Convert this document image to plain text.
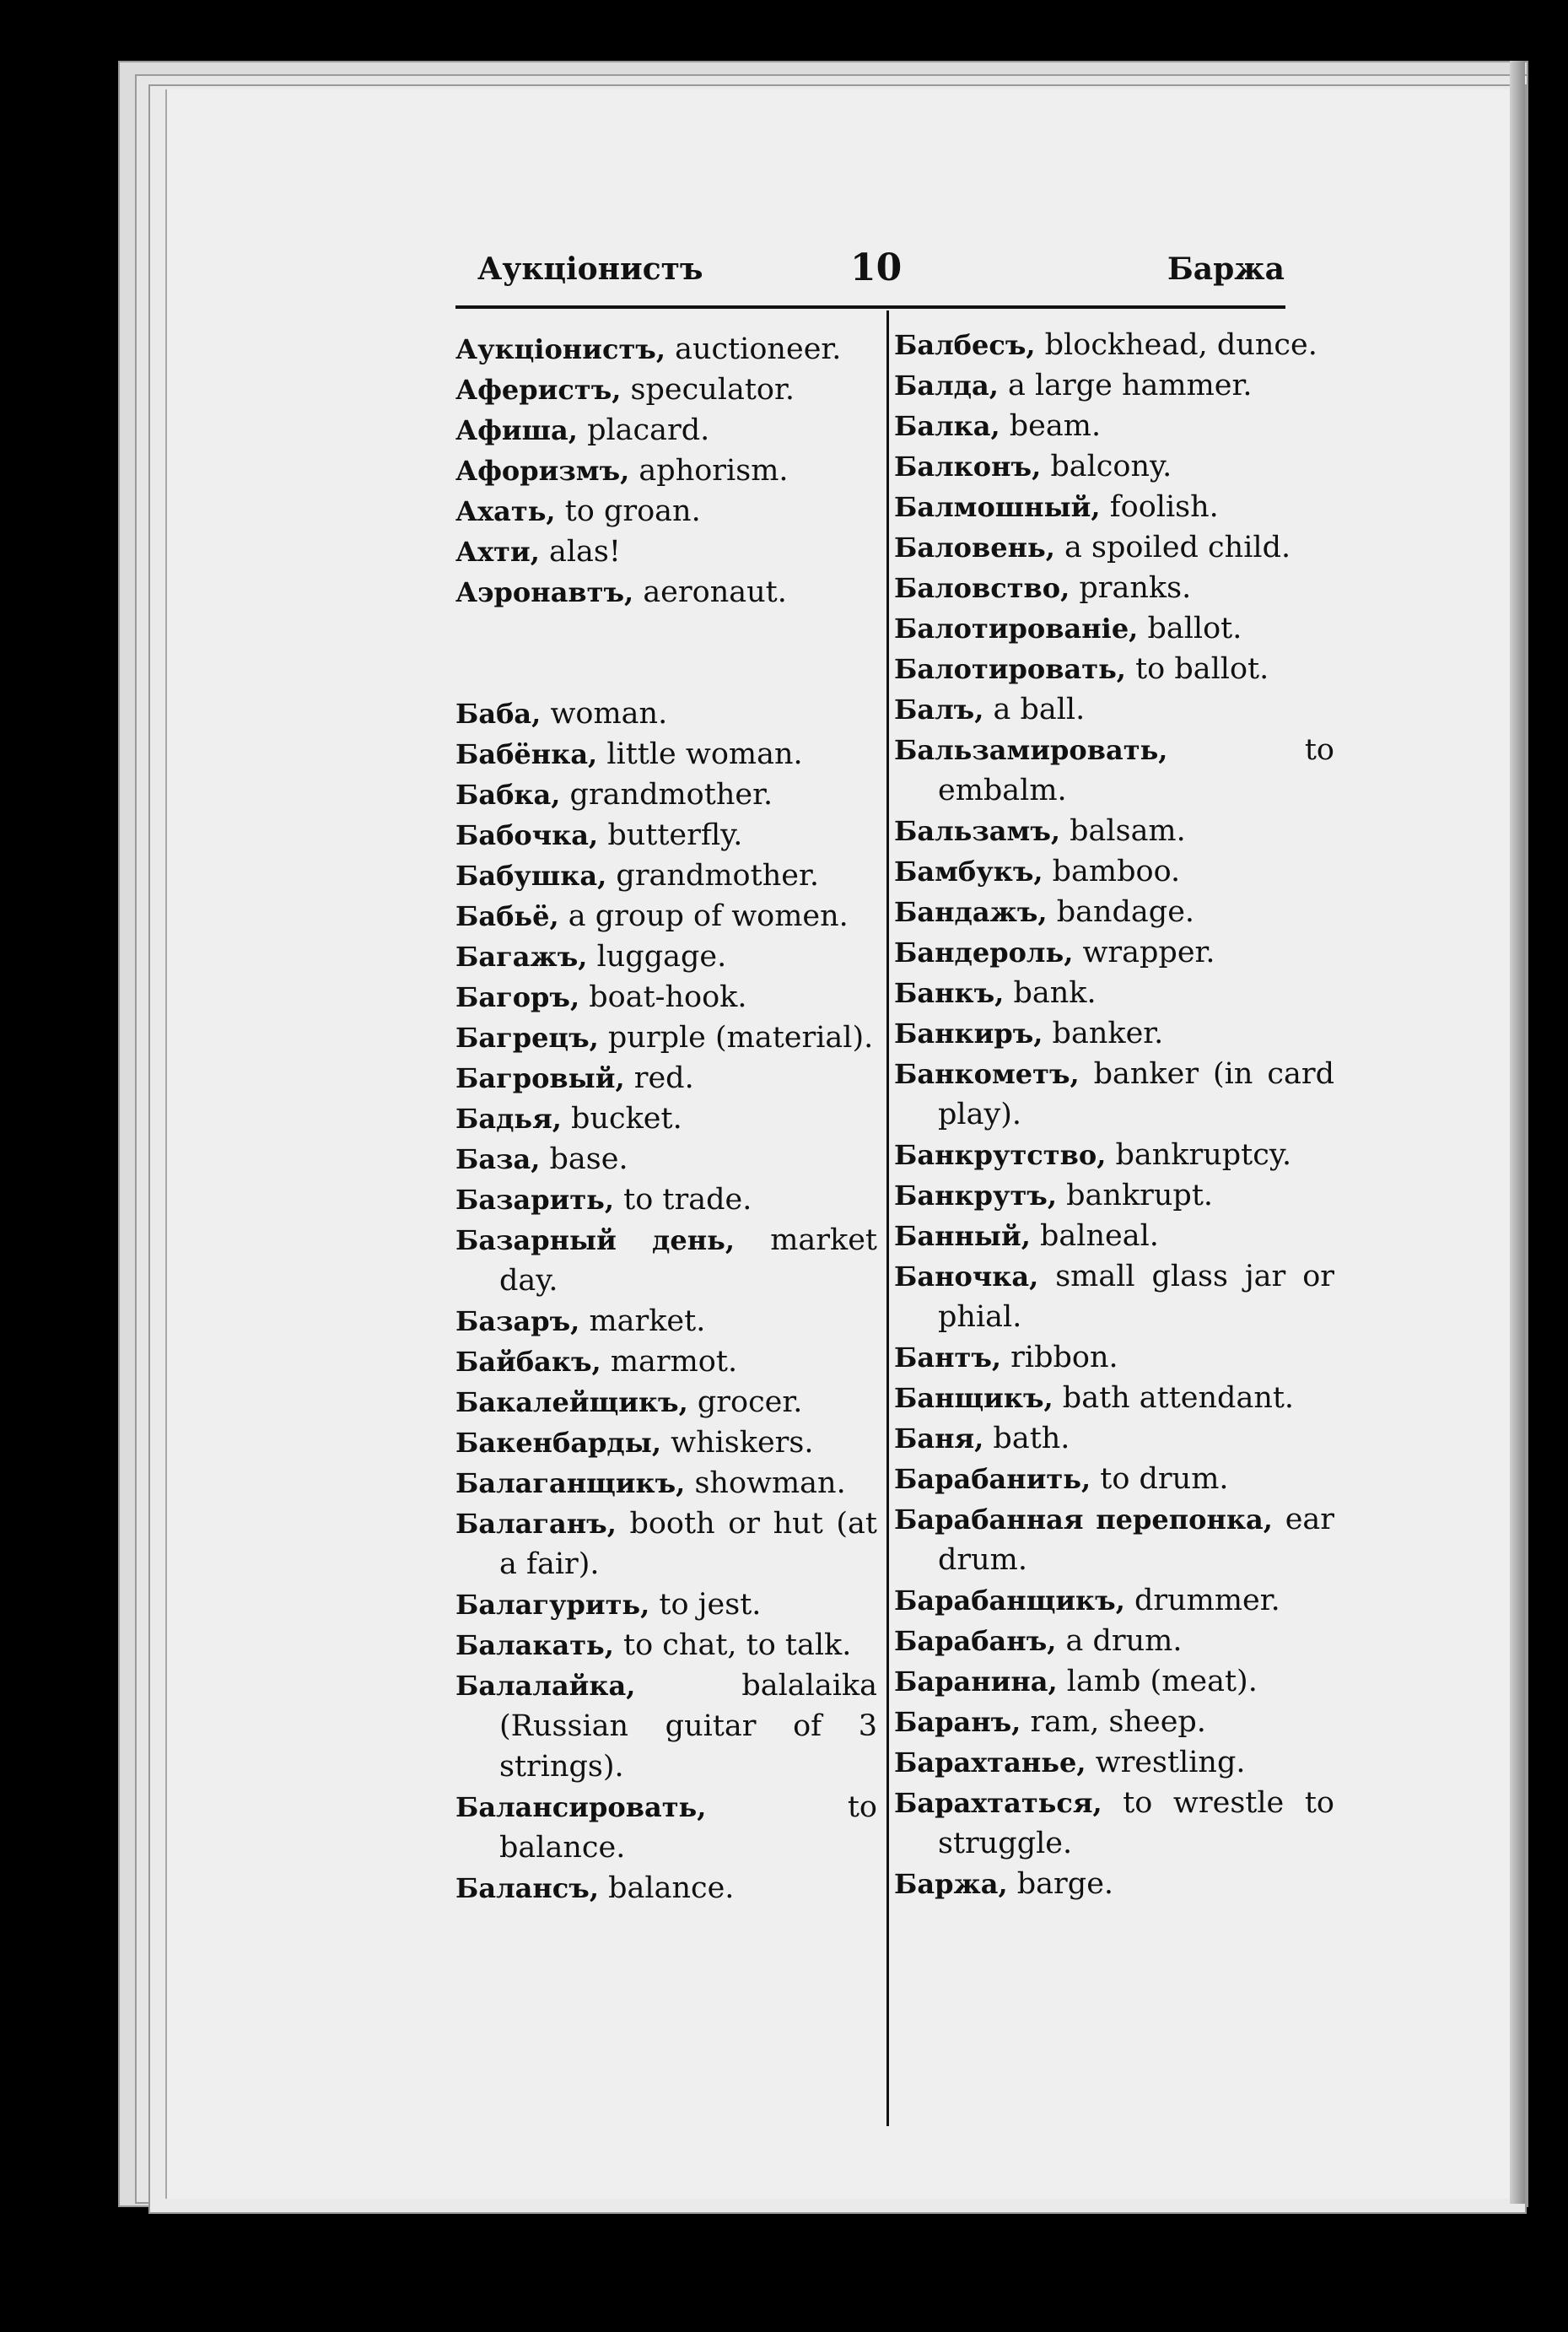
Аукціонистъ	10	Баржа

Аукціонистъ, auctioneer.

Аферистъ, speculator.

Афиша, placard.

Афоризмъ, aphorism.

Ахать, to groan.

Ахти, alas!

Аэронавтъ, aeronaut.

Баба, woman.

Бабёнка, little woman.

Бабка, grandmother.

Бабочка, butterfly.

Бабушка, grandmother.

Бабьё, a group of women.

Багажъ, luggage.

Багоръ, boat-hook.

Багрецъ, purple (material).

Багровый, red.

Бадья, bucket.

База, base.

Базарить, to trade.

Базарный день, market day.

Базаръ, market.

Байбакъ, marmot.

Бакалейщикъ, grocer.

Бакенбарды, whiskers.

Балаганщикъ, showman.

Балаганъ, booth or hut (at a fair).

Балагурить, to jest.

Балакать, to chat, to talk.

Балалайка,	balalaika (Russian guitar of 3 strings).

Балансировать,	to balance.

Балансъ, balance.

Балбесъ, blockhead, dunce.

Балда, a large hammer.

Балка, beam.

Балконъ, balcony.

Балмошный, foolish.

Баловень, a spoiled child.

Баловство, pranks.

Балотированіе, ballot.

Балотировать, to ballot.

Балъ, a ball.

Бальзамировать,	to embalm.

Бальзамъ, balsam.

Бамбукъ, bamboo.

Бандажъ, bandage.

Бандероль, wrapper.

Банкъ, bank.

Банкиръ, banker.

Банкометъ, banker (in card play).

Банкрутство, bankruptcy.

Банкрутъ, bankrupt.

Банный, balneal.

Баночка, small glass jar or phial.

Бантъ, ribbon.

Банщикъ, bath attendant.

Баня, bath.

Барабанить, to drum.

Барабанная перепонка, ear drum.

Барабанщикъ, drummer.

Барабанъ, a drum.

Баранина, lamb (meat).

Баранъ, ram, sheep.

Барахтанье, wrestling.

Барахтаться, to wrestle to struggle.

Баржа, barge.
